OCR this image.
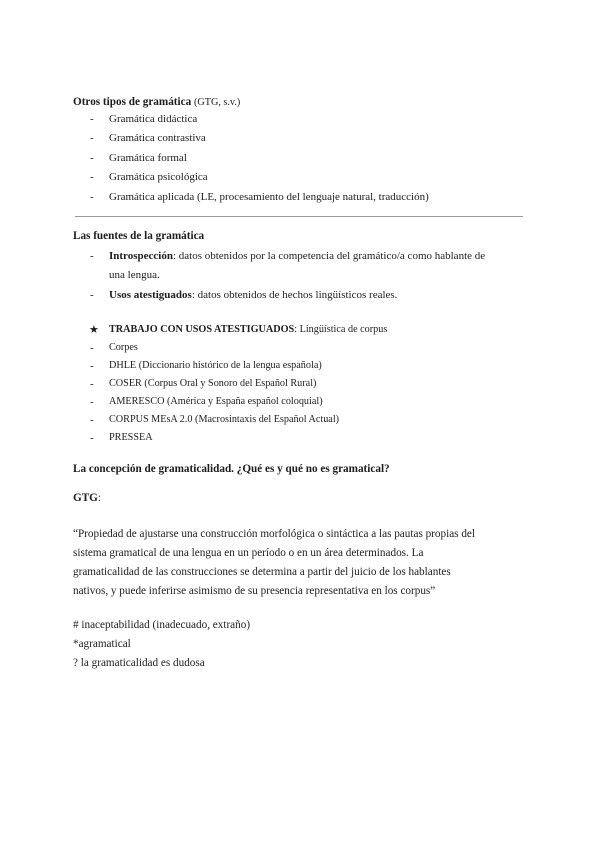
Otros tipos de gramática (GTG, s.v.)
- Gramática didáctica
- Gramática contrastiva
- Gramática formal
- Gramática psicológica
- Gramática aplicada (LE, procesamiento del lenguaje natural, traducción)
Las fuentes de la gramática
- Introspección: datos obtenidos por la competencia del gramático/a como hablante de
una lengua.
- Usos atestiguados: datos obtenidos de hechos lingüísticos reales.
★ TRABAJO CON USOS ATESTIGUADOS: Lingüística de corpus
- Corpes
- DHLE (Diccionario histórico de la lengua española)
- COSER (Corpus Oral y Sonoro del Español Rural)
- AMERESCO (América y España español coloquial)
- CORPUS MEsA 2.0 (Macrosintaxis del Español Actual)
- PRESSEA
La concepción de gramaticalidad. ¿Qué es y qué no es gramatical?
GTG:
“Propiedad de ajustarse una construcción morfológica o sintáctica a las pautas propias del
sistema gramatical de una lengua en un período o en un área determinados. La
gramaticalidad de las construcciones se determina a partir del juicio de los hablantes
nativos, y puede inferirse asimismo de su presencia representativa en los corpus”
# inaceptabilidad (inadecuado, extraño)
*agramatical
? la gramaticalidad es dudosa
